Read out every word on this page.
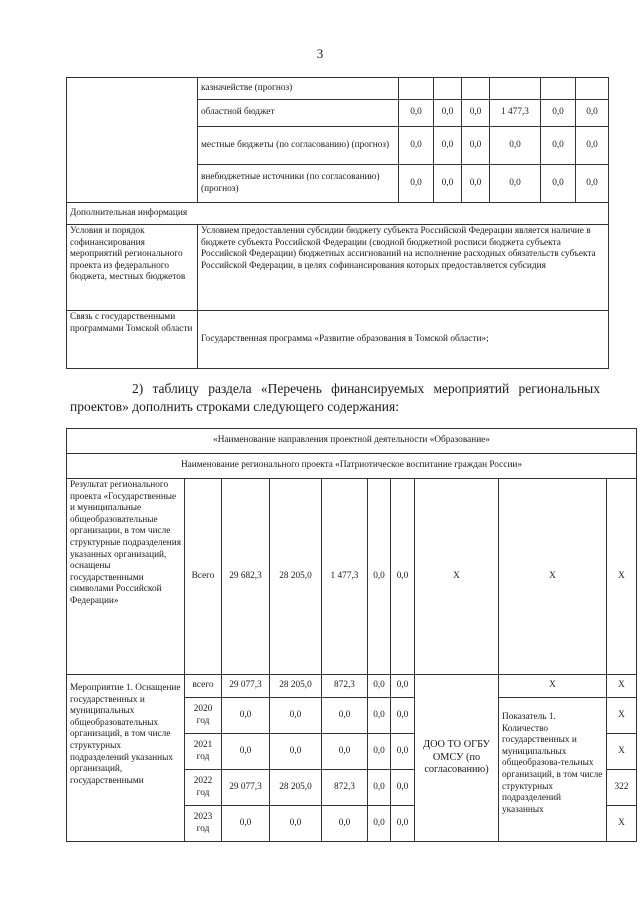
3
	казначействе (прогноз)						
	областной бюджет	0,0	0,0	0,0	1 477,3	0,0	0,0
	местные бюджеты (по согласованию) (прогноз)	0,0	0,0	0,0	0,0	0,0	0,0
	внебюджетные источники (по согласованию) (прогноз)	0,0	0,0	0,0	0,0	0,0	0,0
Дополнительная информация							
Условия и порядок софинансирования мероприятий регионального проекта из федерального бюджета, местных бюджетов	Условием предоставления субсидии бюджету субъекта Российской Федерации является наличие в бюджете субъекта Российской Федерации (сводной бюджетной росписи бюджета субъекта Российской Федерации) бюджетных ассигнований на исполнение расходных обязательств субъекта Российской Федерации, в целях софинансирования которых предоставляется субсидия						
Связь с государственными программами Томской области	Государственная программа «Развитие образования в Томской области»;						
2) таблицу раздела «Перечень финансируемых мероприятий региональных
проектов» дополнить строками следующего содержания:
«Наименование направления проектной деятельности «Образование»									
Наименование регионального проекта «Патриотическое воспитание граждан России»									
Результат регионального проекта «Государственные и муниципальные общеобразовательные организации, в том числе структурные подразделения указанных организаций, оснащены государственными символами Российской Федерации»	Всего	29 682,3	28 205,0	1 477,3	0,0	0,0	Х	Х	Х
Мероприятие 1. Оснащение государственных и муниципальных общеобразовательных организаций, в том числе структурных подразделений указанных организаций, государственными	всего	29 077,3	28 205,0	872,3	0,0	0,0	ДОО ТО ОГБУ ОМСУ (по согласованию)	Х	Х
	2020 год	0,0	0,0	0,0	0,0	0,0		Показатель 1. Количество государственных и муниципальных общеобразова-тельных организаций, в том числе структурных подразделений указанных	Х
	2021 год	0,0	0,0	0,0	0,0	0,0			Х
	2022 год	29 077,3	28 205,0	872,3	0,0	0,0			322
	2023 год	0,0	0,0	0,0	0,0	0,0			Х
